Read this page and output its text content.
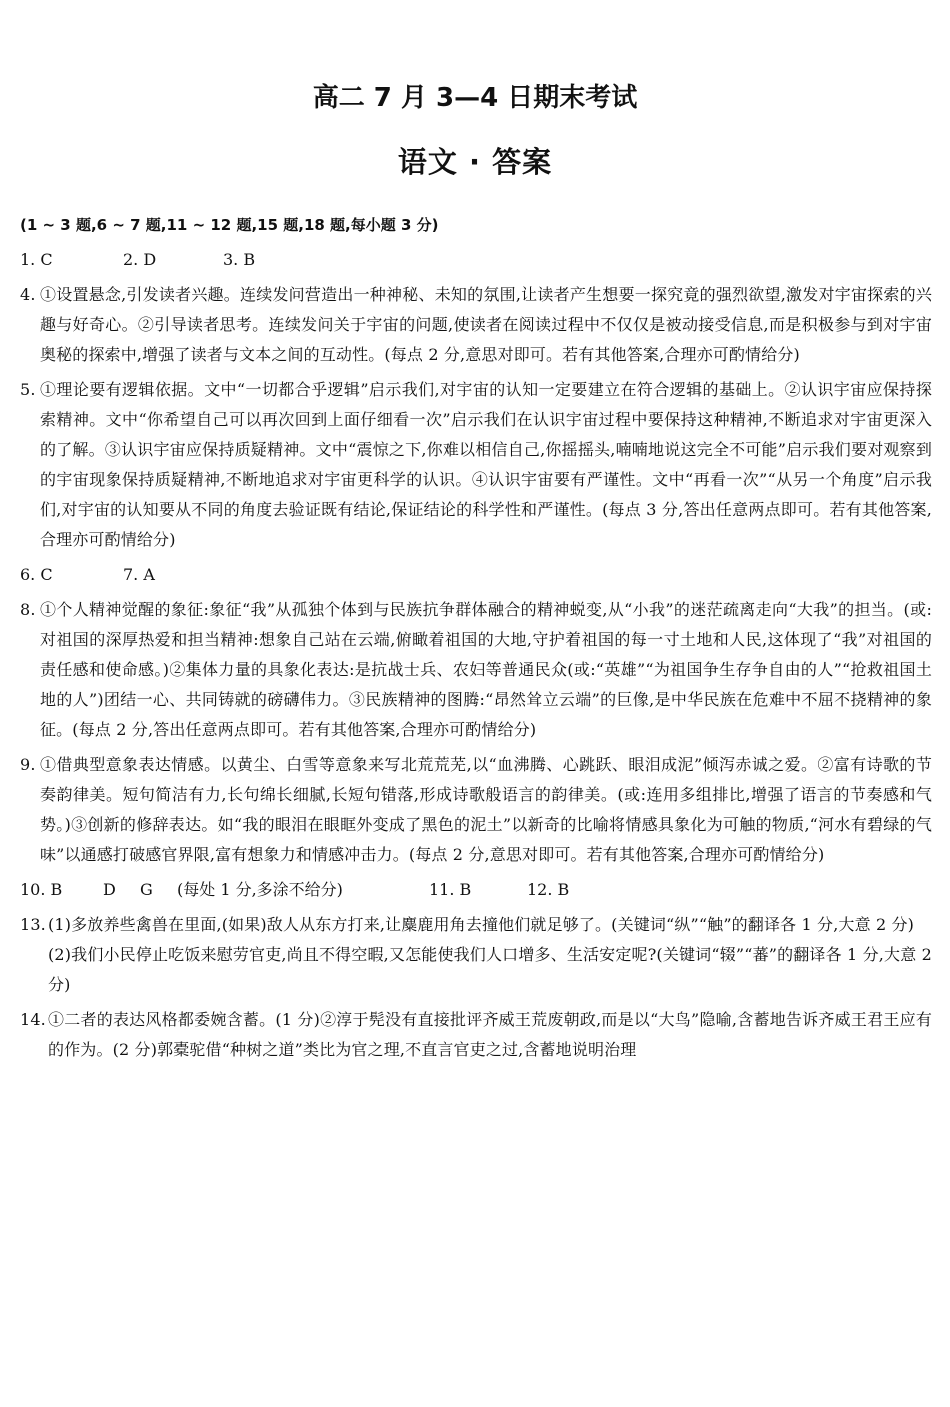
高二 7 月 3—4 日期末考试
语文 · 答案
(1 ~ 3 题,6 ~ 7 题,11 ~ 12 题,15 题,18 题,每小题 3 分)
1. C	2. D	3. B
4. ①设置悬念,引发读者兴趣。连续发问营造出一种神秘、未知的氛围,让读者产生想要一探究竟的强烈欲望,激发对宇宙探索的兴趣与好奇心。②引导读者思考。连续发问关于宇宙的问题,使读者在阅读过程中不仅仅是被动接受信息,而是积极参与到对宇宙奥秘的探索中,增强了读者与文本之间的互动性。(每点 2 分,意思对即可。若有其他答案,合理亦可酌情给分)
5. ①理论要有逻辑依据。文中“一切都合乎逻辑”启示我们,对宇宙的认知一定要建立在符合逻辑的基础上。②认识宇宙应保持探索精神。文中“你希望自己可以再次回到上面仔细看一次”启示我们在认识宇宙过程中要保持这种精神,不断追求对宇宙更深入的了解。③认识宇宙应保持质疑精神。文中“震惊之下,你难以相信自己,你摇摇头,喃喃地说这完全不可能”启示我们要对观察到的宇宙现象保持质疑精神,不断地追求对宇宙更科学的认识。④认识宇宙要有严谨性。文中“再看一次”“从另一个角度”启示我们,对宇宙的认知要从不同的角度去验证既有结论,保证结论的科学性和严谨性。(每点 3 分,答出任意两点即可。若有其他答案,合理亦可酌情给分)
6. C	7. A
8. ①个人精神觉醒的象征:象征“我”从孤独个体到与民族抗争群体融合的精神蜕变,从“小我”的迷茫疏离走向“大我”的担当。(或:对祖国的深厚热爱和担当精神:想象自己站在云端,俯瞰着祖国的大地,守护着祖国的每一寸土地和人民,这体现了“我”对祖国的责任感和使命感。)②集体力量的具象化表达:是抗战士兵、农妇等普通民众(或:“英雄”“为祖国争生存争自由的人”“抢救祖国土地的人”)团结一心、共同铸就的磅礴伟力。③民族精神的图腾:“昂然耸立云端”的巨像,是中华民族在危难中不屈不挠精神的象征。(每点 2 分,答出任意两点即可。若有其他答案,合理亦可酌情给分)
9. ①借典型意象表达情感。以黄尘、白雪等意象来写北荒荒芜,以“血沸腾、心跳跃、眼泪成泥”倾泻赤诚之爱。②富有诗歌的节奏韵律美。短句简洁有力,长句绵长细腻,长短句错落,形成诗歌般语言的韵律美。(或:连用多组排比,增强了语言的节奏感和气势。)③创新的修辞表达。如“我的眼泪在眼眶外变成了黑色的泥土”以新奇的比喻将情感具象化为可触的物质,“河水有碧绿的气味”以通感打破感官界限,富有想象力和情感冲击力。(每点 2 分,意思对即可。若有其他答案,合理亦可酌情给分)
10. B	D G (每处 1 分,多涂不给分)	11. B	12. B
13. (1)多放养些禽兽在里面,(如果)敌人从东方打来,让麋鹿用角去撞他们就足够了。(关键词“纵”“触”的翻译各 1 分,大意 2 分)
(2)我们小民停止吃饭来慰劳官吏,尚且不得空暇,又怎能使我们人口增多、生活安定呢?(关键词“辍”“蕃”的翻译各 1 分,大意 2 分)
14. ①二者的表达风格都委婉含蓄。(1 分)②淳于髡没有直接批评齐威王荒废朝政,而是以“大鸟”隐喻,含蓄地告诉齐威王君王应有的作为。(2 分)郭橐驼借“种树之道”类比为官之理,不直言官吏之过,含蓄地说明治理
